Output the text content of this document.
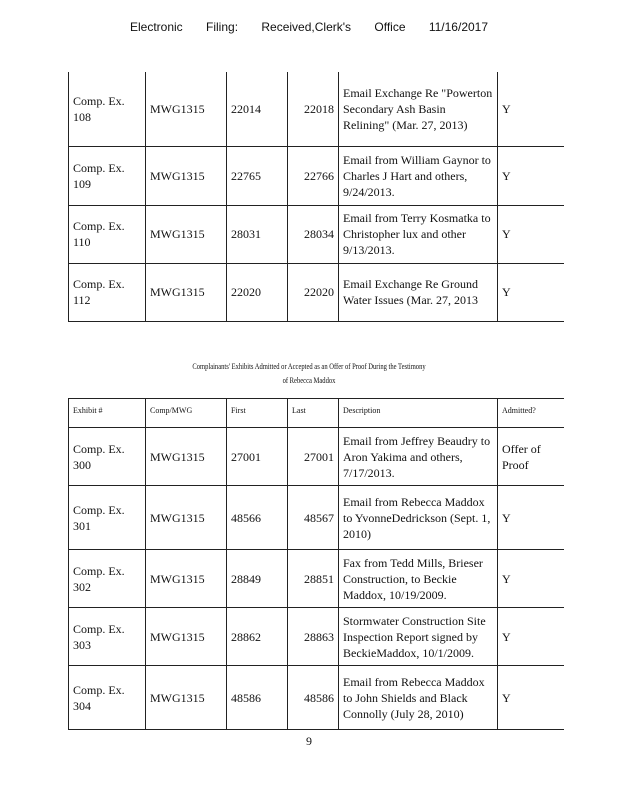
Electronic Filing: Received,Clerk's Office 11/16/2017
Comp. Ex. 108	MWG1315	22014	22018	Email Exchange Re "Powerton Secondary Ash Basin Relining" (Mar. 27, 2013)	Y
Comp. Ex. 109	MWG1315	22765	22766	Email from William Gaynor to Charles J Hart and others, 9/24/2013.	Y
Comp. Ex. 110	MWG1315	28031	28034	Email from Terry Kosmatka to Christopher lux and other 9/13/2013.	Y
Comp. Ex. 112	MWG1315	22020	22020	Email Exchange Re Ground Water Issues (Mar. 27, 2013	Y
Complainants' Exhibits Admitted or Accepted as an Offer of Proof During the Testimony
of Rebecca Maddox
Exhibit #	Comp/MWG	First	Last	Description	Admitted?
Comp. Ex. 300	MWG1315	27001	27001	Email from Jeffrey Beaudry to Aron Yakima and others, 7/17/2013.	Offer of Proof
Comp. Ex. 301	MWG1315	48566	48567	Email from Rebecca Maddox to YvonneDedrickson (Sept. 1, 2010)	Y
Comp. Ex. 302	MWG1315	28849	28851	Fax from Tedd Mills, Brieser Construction, to Beckie Maddox, 10/19/2009.	Y
Comp. Ex. 303	MWG1315	28862	28863	Stormwater Construction Site Inspection Report signed by BeckieMaddox, 10/1/2009.	Y
Comp. Ex. 304	MWG1315	48586	48586	Email from Rebecca Maddox to John Shields and Black Connolly (July 28, 2010)	Y
9
